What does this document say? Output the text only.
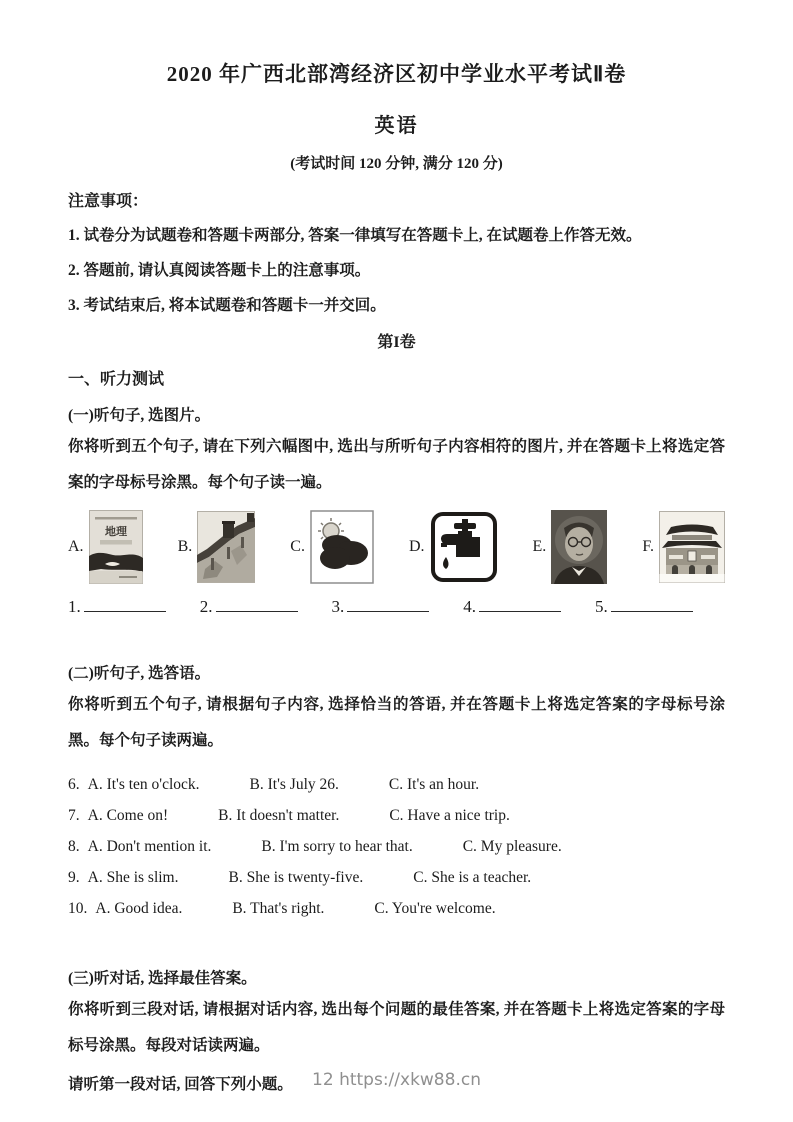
2020 年广西北部湾经济区初中学业水平考试Ⅱ卷
英语
(考试时间 120 分钟, 满分 120 分)
注意事项：
1. 试卷分为试题卷和答题卡两部分, 答案一律填写在答题卡上, 在试题卷上作答无效。
2. 答题前, 请认真阅读答题卡上的注意事项。
3. 考试结束后, 将本试题卷和答题卡一并交回。
第I卷
一、听力测试
(一)听句子, 选图片。
你将听到五个句子, 请在下列六幅图中, 选出与所听句子内容相符的图片, 并在答题卡上将选定答案的字母标号涂黑。每个句子读一遍。
A.
地理
B.	C.	D.	E.	F.
1.	2.	3.	4.	5.
(二)听句子, 选答语。
你将听到五个句子, 请根据句子内容, 选择恰当的答语, 并在答题卡上将选定答案的字母标号涂黑。每个句子读两遍。
6. A. It's ten o'clock.	B. It's July 26.	C. It's an hour.
7. A. Come on!	B. It doesn't matter.	C. Have a nice trip.
8. A. Don't mention it.	B. I'm sorry to hear that.	C. My pleasure.
9. A. She is slim.	B. She is twenty-five.	C. She is a teacher.
10. A. Good idea.	B. That's right.	C. You're welcome.
(三)听对话, 选择最佳答案。
你将听到三段对话, 请根据对话内容, 选出每个问题的最佳答案, 并在答题卡上将选定答案的字母标号涂黑。每段对话读两遍。
请听第一段对话, 回答下列小题。	12 https://xkw88.cn
